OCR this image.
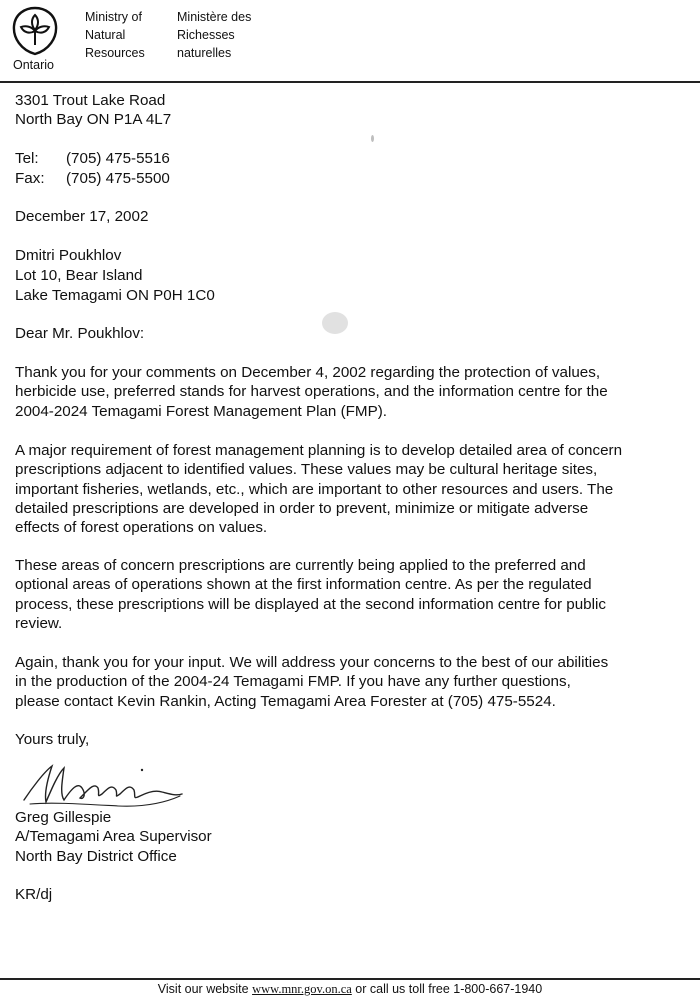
Ontario
Ministry of
Natural
Resources
Ministère des
Richesses
naturelles
3301 Trout Lake Road
North Bay ON P1A 4L7
Tel: (705) 475-5516
Fax: (705) 475-5500
December 17, 2002
Dmitri Poukhlov
Lot 10, Bear Island
Lake Temagami ON P0H 1C0
Dear Mr. Poukhlov:
Thank you for your comments on December 4, 2002 regarding the protection of values,
herbicide use, preferred stands for harvest operations, and the information centre for the
2004-2024 Temagami Forest Management Plan (FMP).
A major requirement of forest management planning is to develop detailed area of concern
prescriptions adjacent to identified values. These values may be cultural heritage sites,
important fisheries, wetlands, etc., which are important to other resources and users. The
detailed prescriptions are developed in order to prevent, minimize or mitigate adverse
effects of forest operations on values.
These areas of concern prescriptions are currently being applied to the preferred and
optional areas of operations shown at the first information centre. As per the regulated
process, these prescriptions will be displayed at the second information centre for public
review.
Again, thank you for your input. We will address your concerns to the best of our abilities
in the production of the 2004-24 Temagami FMP. If you have any further questions,
please contact Kevin Rankin, Acting Temagami Area Forester at (705) 475-5524.
Yours truly,
Greg Gillespie
A/Temagami Area Supervisor
North Bay District Office
KR/dj
Visit our website www.mnr.gov.on.ca or call us toll free 1-800-667-1940
